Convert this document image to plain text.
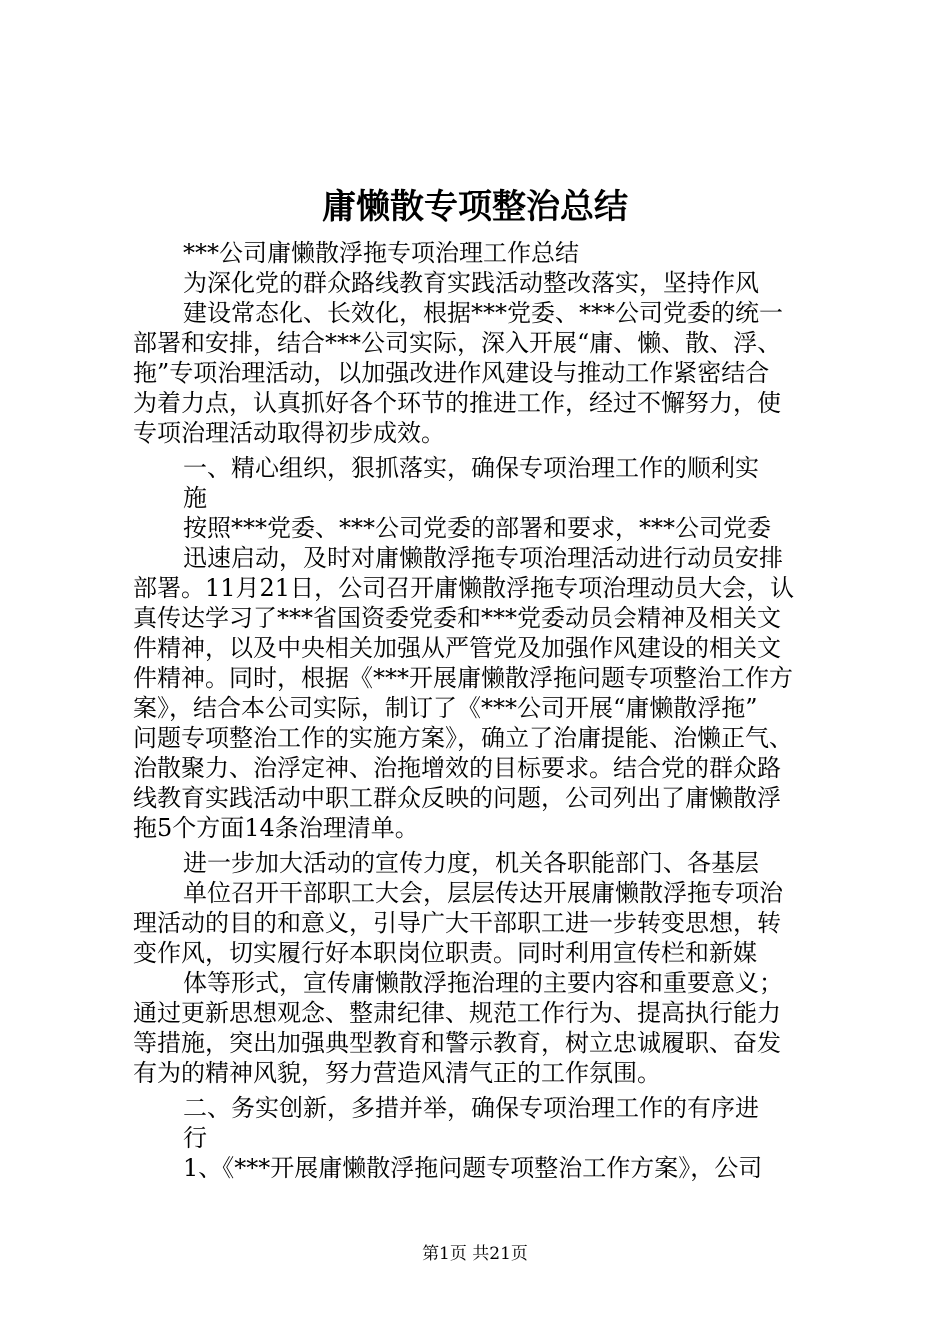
庸懒散专项整治总结
***公司庸懒散浮拖专项治理工作总结
为深化党的群众路线教育实践活动整改落实，坚持作风
建设常态化、长效化，根据***党委、***公司党委的统一
部署和安排，结合***公司实际，深入开展“庸、懒、散、浮、
拖”专项治理活动，以加强改进作风建设与推动工作紧密结合
为着力点，认真抓好各个环节的推进工作，经过不懈努力，使
专项治理活动取得初步成效。
一、精心组织，狠抓落实，确保专项治理工作的顺利实
施
按照***党委、***公司党委的部署和要求，***公司党委
迅速启动，及时对庸懒散浮拖专项治理活动进行动员安排
部署。11月21日，公司召开庸懒散浮拖专项治理动员大会，认
真传达学习了***省国资委党委和***党委动员会精神及相关文
件精神，以及中央相关加强从严管党及加强作风建设的相关文
件精神。同时，根据《***开展庸懒散浮拖问题专项整治工作方
案》，结合本公司实际，制订了《***公司开展“庸懒散浮拖”
问题专项整治工作的实施方案》，确立了治庸提能、治懒正气、
治散聚力、治浮定神、治拖增效的目标要求。结合党的群众路
线教育实践活动中职工群众反映的问题，公司列出了庸懒散浮
拖5个方面14条治理清单。
进一步加大活动的宣传力度，机关各职能部门、各基层
单位召开干部职工大会，层层传达开展庸懒散浮拖专项治
理活动的目的和意义，引导广大干部职工进一步转变思想，转
变作风，切实履行好本职岗位职责。同时利用宣传栏和新媒
体等形式，宣传庸懒散浮拖治理的主要内容和重要意义；
通过更新思想观念、整肃纪律、规范工作行为、提高执行能力
等措施，突出加强典型教育和警示教育，树立忠诚履职、奋发
有为的精神风貌，努力营造风清气正的工作氛围。
二、务实创新，多措并举，确保专项治理工作的有序进
行
1、《***开展庸懒散浮拖问题专项整治工作方案》，公司
第1页 共21页
